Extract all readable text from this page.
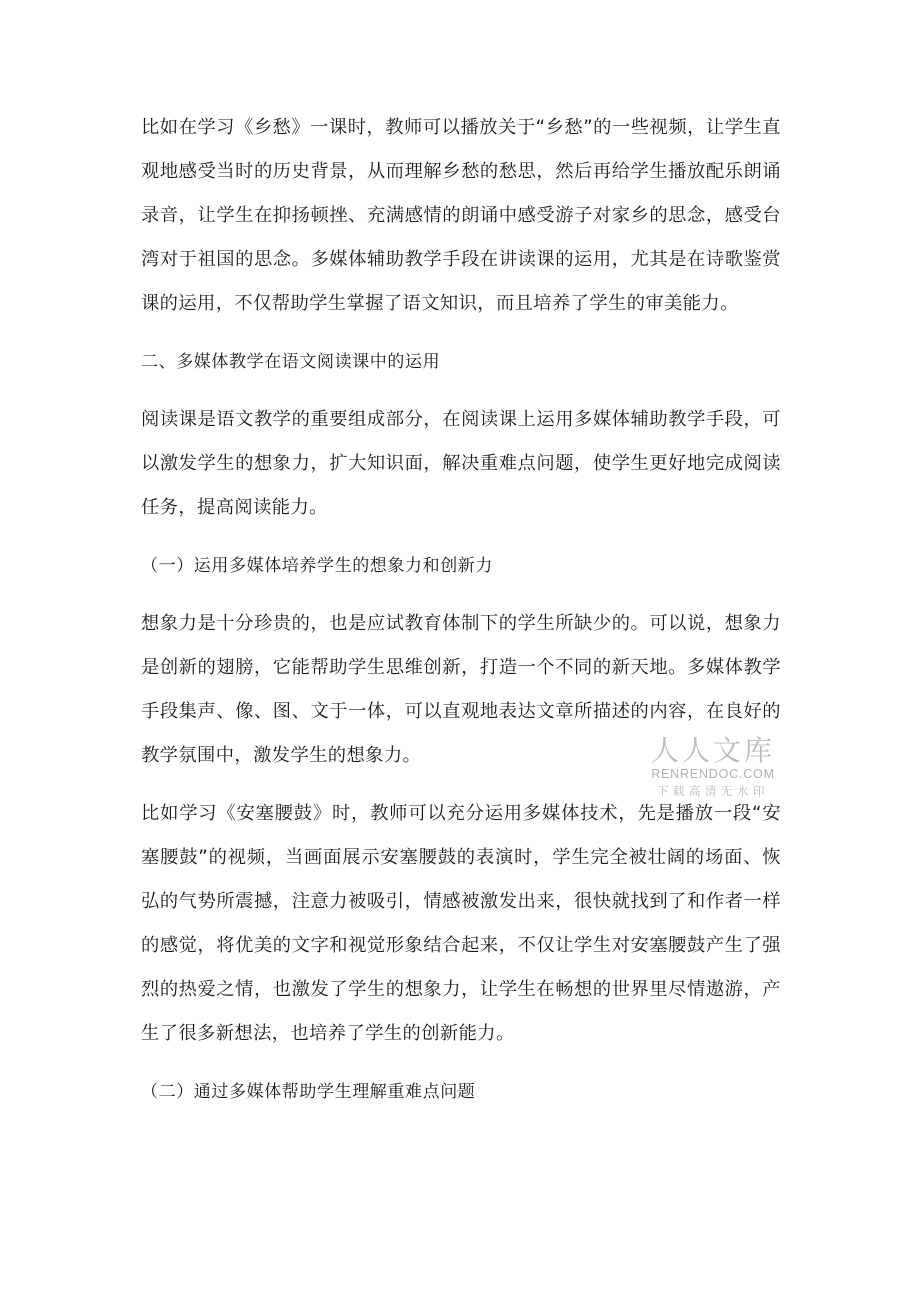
比如在学习《乡愁》一课时，教师可以播放关于“乡愁”的一些视频，让学生直观地感受当时的历史背景，从而理解乡愁的愁思，然后再给学生播放配乐朗诵录音，让学生在抑扬顿挫、充满感情的朗诵中感受游子对家乡的思念，感受台湾对于祖国的思念。多媒体辅助教学手段在讲读课的运用，尤其是在诗歌鉴赏课的运用，不仅帮助学生掌握了语文知识，而且培养了学生的审美能力。

二、多媒体教学在语文阅读课中的运用

阅读课是语文教学的重要组成部分，在阅读课上运用多媒体辅助教学手段，可以激发学生的想象力，扩大知识面，解决重难点问题，使学生更好地完成阅读任务，提高阅读能力。

（一）运用多媒体培养学生的想象力和创新力

想象力是十分珍贵的，也是应试教育体制下的学生所缺少的。可以说，想象力是创新的翅膀，它能帮助学生思维创新，打造一个不同的新天地。多媒体教学手段集声、像、图、文于一体，可以直观地表达文章所描述的内容，在良好的教学氛围中，激发学生的想象力。

比如学习《安塞腰鼓》时，教师可以充分运用多媒体技术，先是播放一段“安塞腰鼓”的视频，当画面展示安塞腰鼓的表演时，学生完全被壮阔的场面、恢弘的气势所震撼，注意力被吸引，情感被激发出来，很快就找到了和作者一样的感觉，将优美的文字和视觉形象结合起来，不仅让学生对安塞腰鼓产生了强烈的热爱之情，也激发了学生的想象力，让学生在畅想的世界里尽情遨游，产生了很多新想法，也培养了学生的创新能力。

（二）通过多媒体帮助学生理解重难点问题

人人文库
RENRENDOC.COM
下载高清无水印
